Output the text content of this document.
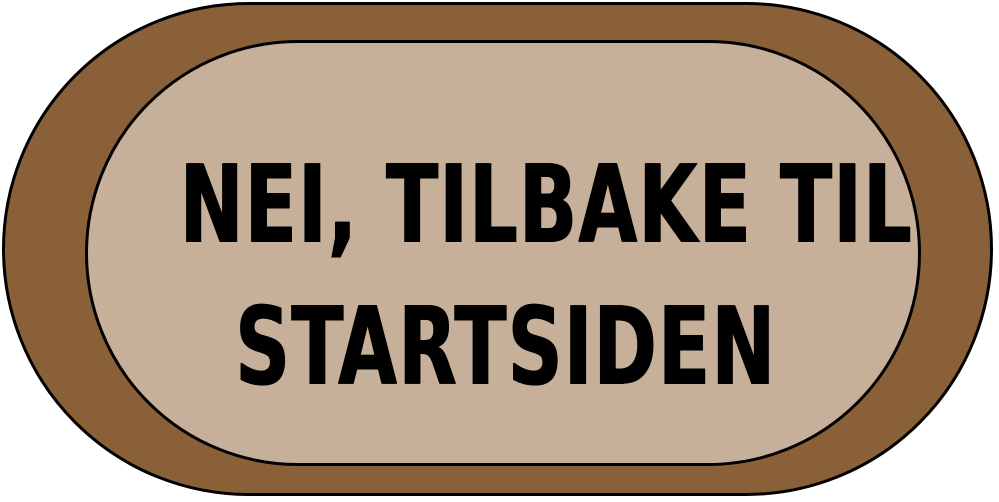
NEI, TILBAKE TIL
STARTSIDEN
